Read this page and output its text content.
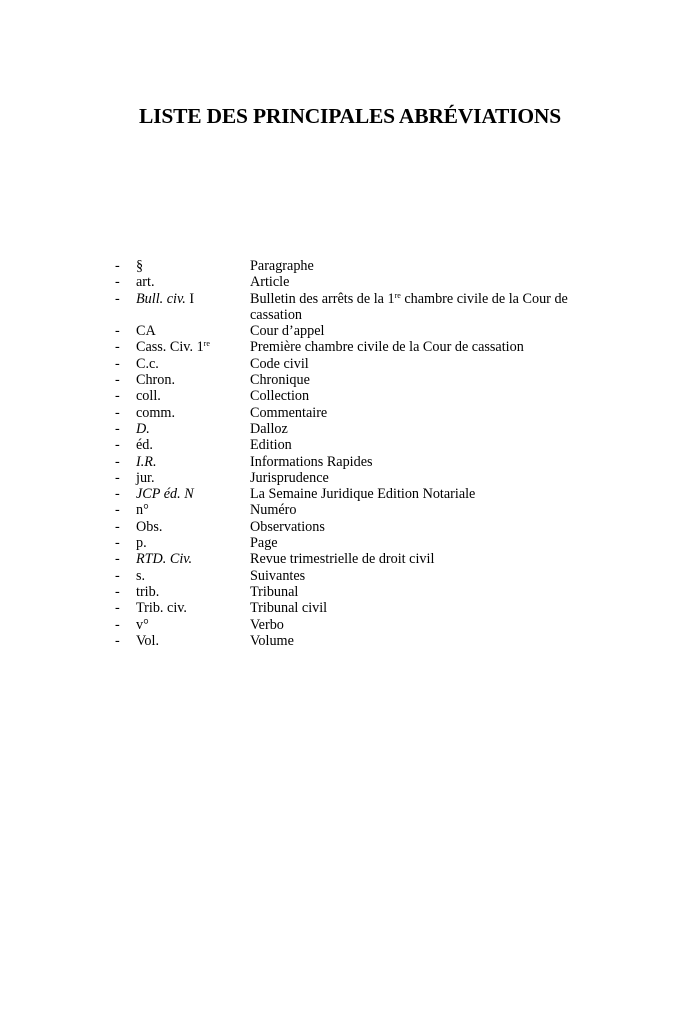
LISTE DES PRINCIPALES ABRÉVIATIONS
- §	Paragraphe
- art.	Article
- Bull. civ. I	Bulletin des arrêts de la 1re chambre civile de la Cour de cassation
- CA	Cour d’appel
- Cass. Civ. 1re	Première chambre civile de la Cour de cassation
- C.c.	Code civil
- Chron.	Chronique
- coll.	Collection
- comm.	Commentaire
- D.	Dalloz
- éd.	Edition
- I.R.	Informations Rapides
- jur.	Jurisprudence
- JCP éd. N	La Semaine Juridique Edition Notariale
- n°	Numéro
- Obs.	Observations
- p.	Page
- RTD. Civ.	Revue trimestrielle de droit civil
- s.	Suivantes
- trib.	Tribunal
- Trib. civ.	Tribunal civil
- v°	Verbo
- Vol.	Volume
